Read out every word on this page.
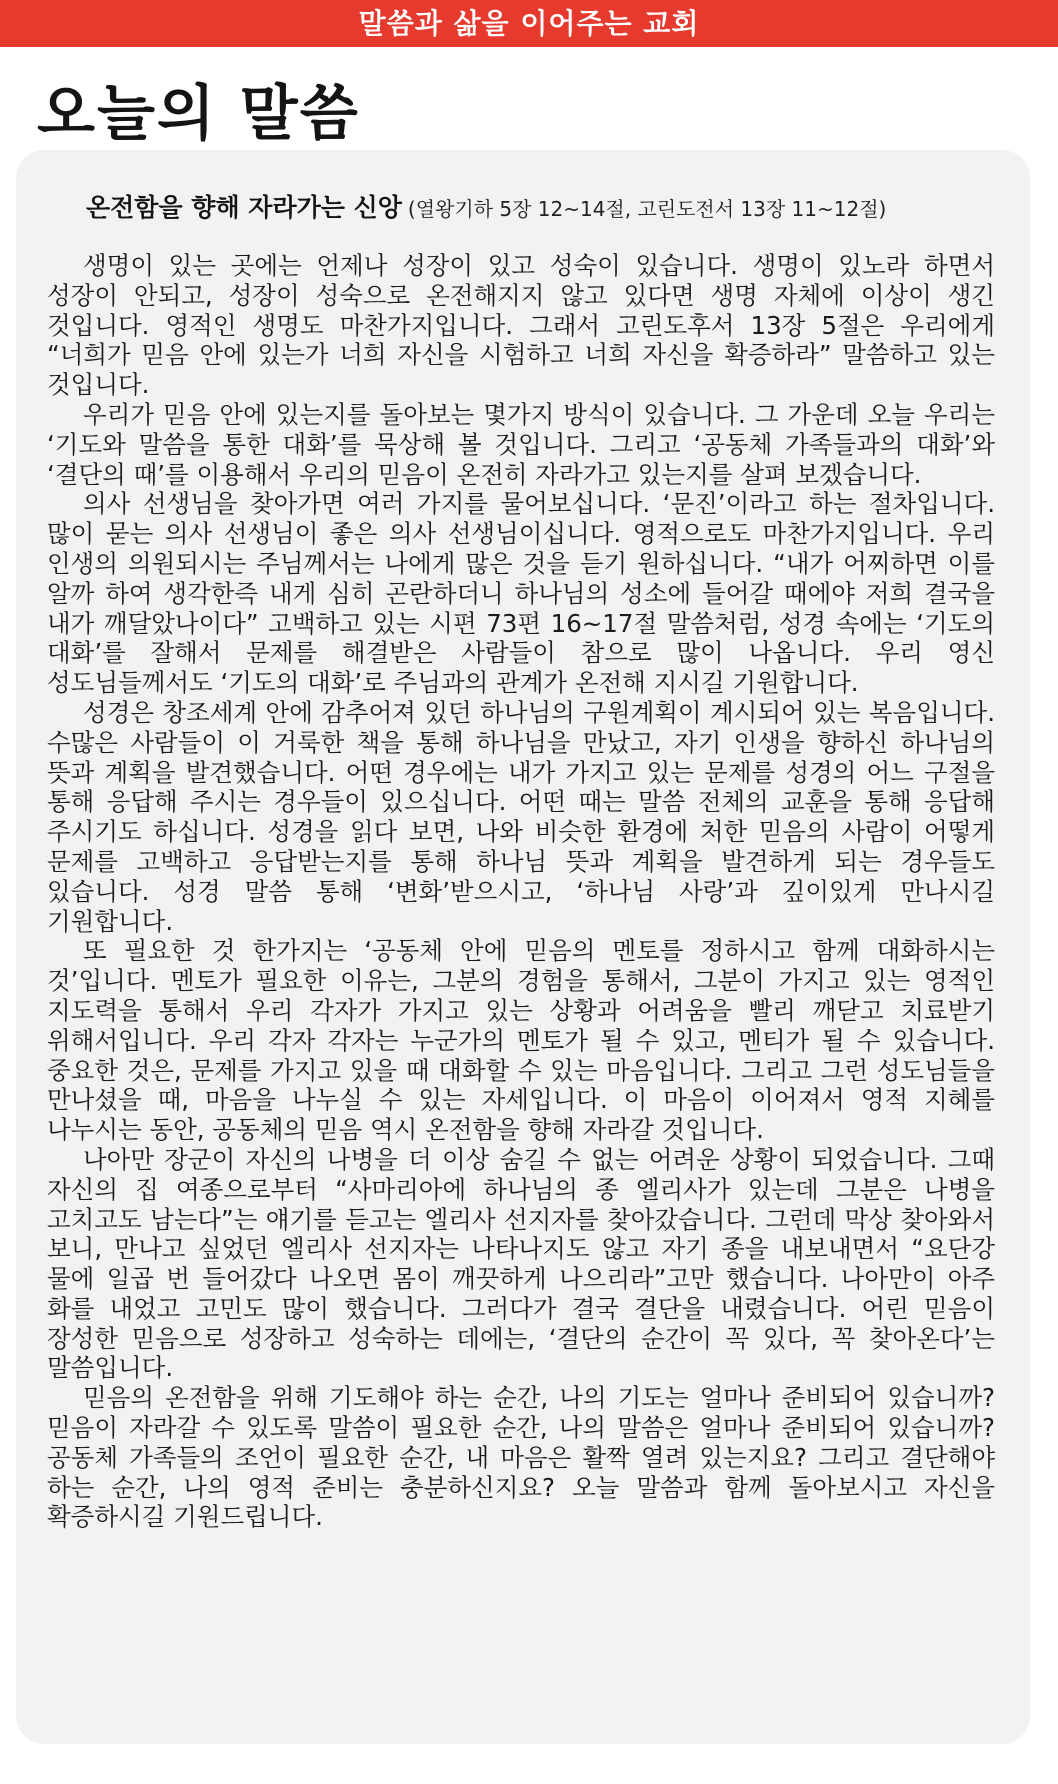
말씀과 삶을 이어주는 교회
오늘의 말씀
온전함을 향해 자라가는 신앙 (열왕기하 5장 12~14절, 고린도전서 13장 11~12절)

생명이 있는 곳에는 언제나 성장이 있고 성숙이 있습니다. 생명이 있노라 하면서 성장이 안되고, 성장이 성숙으로 온전해지지 않고 있다면 생명 자체에 이상이 생긴 것입니다. 영적인 생명도 마찬가지입니다. 그래서 고린도후서 13장 5절은 우리에게 “너희가 믿음 안에 있는가 너희 자신을 시험하고 너희 자신을 확증하라” 말씀하고 있는 것입니다.

우리가 믿음 안에 있는지를 돌아보는 몇가지 방식이 있습니다. 그 가운데 오늘 우리는 ‘기도와 말씀을 통한 대화’를 묵상해 볼 것입니다. 그리고 ‘공동체 가족들과의 대화’와 ‘결단의 때’를 이용해서 우리의 믿음이 온전히 자라가고 있는지를 살펴 보겠습니다.

의사 선생님을 찾아가면 여러 가지를 물어보십니다. ‘문진’이라고 하는 절차입니다. 많이 묻는 의사 선생님이 좋은 의사 선생님이십니다. 영적으로도 마찬가지입니다. 우리 인생의 의원되시는 주님께서는 나에게 많은 것을 듣기 원하십니다. “내가 어찌하면 이를 알까 하여 생각한즉 내게 심히 곤란하더니 하나님의 성소에 들어갈 때에야 저희 결국을 내가 깨달았나이다” 고백하고 있는 시편 73편 16~17절 말씀처럼, 성경 속에는 ‘기도의 대화’를 잘해서 문제를 해결받은 사람들이 참으로 많이 나옵니다. 우리 영신 성도님들께서도 ‘기도의 대화’로 주님과의 관계가 온전해 지시길 기원합니다.

성경은 창조세계 안에 감추어져 있던 하나님의 구원계획이 계시되어 있는 복음입니다. 수많은 사람들이 이 거룩한 책을 통해 하나님을 만났고, 자기 인생을 향하신 하나님의 뜻과 계획을 발견했습니다. 어떤 경우에는 내가 가지고 있는 문제를 성경의 어느 구절을 통해 응답해 주시는 경우들이 있으십니다. 어떤 때는 말씀 전체의 교훈을 통해 응답해 주시기도 하십니다. 성경을 읽다 보면, 나와 비슷한 환경에 처한 믿음의 사람이 어떻게 문제를 고백하고 응답받는지를 통해 하나님 뜻과 계획을 발견하게 되는 경우들도 있습니다. 성경 말씀 통해 ‘변화’받으시고, ‘하나님 사랑’과 깊이있게 만나시길 기원합니다.

또 필요한 것 한가지는 ‘공동체 안에 믿음의 멘토를 정하시고 함께 대화하시는 것’입니다. 멘토가 필요한 이유는, 그분의 경험을 통해서, 그분이 가지고 있는 영적인 지도력을 통해서 우리 각자가 가지고 있는 상황과 어려움을 빨리 깨닫고 치료받기 위해서입니다. 우리 각자 각자는 누군가의 멘토가 될 수 있고, 멘티가 될 수 있습니다. 중요한 것은, 문제를 가지고 있을 때 대화할 수 있는 마음입니다. 그리고 그런 성도님들을 만나셨을 때, 마음을 나누실 수 있는 자세입니다. 이 마음이 이어져서 영적 지혜를 나누시는 동안, 공동체의 믿음 역시 온전함을 향해 자라갈 것입니다.

나아만 장군이 자신의 나병을 더 이상 숨길 수 없는 어려운 상황이 되었습니다. 그때 자신의 집 여종으로부터 “사마리아에 하나님의 종 엘리사가 있는데 그분은 나병을 고치고도 남는다”는 얘기를 듣고는 엘리사 선지자를 찾아갔습니다. 그런데 막상 찾아와서 보니, 만나고 싶었던 엘리사 선지자는 나타나지도 않고 자기 종을 내보내면서 “요단강 물에 일곱 번 들어갔다 나오면 몸이 깨끗하게 나으리라”고만 했습니다. 나아만이 아주 화를 내었고 고민도 많이 했습니다. 그러다가 결국 결단을 내렸습니다. 어린 믿음이 장성한 믿음으로 성장하고 성숙하는 데에는, ‘결단의 순간이 꼭 있다, 꼭 찾아온다’는 말씀입니다.

믿음의 온전함을 위해 기도해야 하는 순간, 나의 기도는 얼마나 준비되어 있습니까? 믿음이 자라갈 수 있도록 말씀이 필요한 순간, 나의 말씀은 얼마나 준비되어 있습니까? 공동체 가족들의 조언이 필요한 순간, 내 마음은 활짝 열려 있는지요? 그리고 결단해야 하는 순간, 나의 영적 준비는 충분하신지요? 오늘 말씀과 함께 돌아보시고 자신을 확증하시길 기원드립니다.
